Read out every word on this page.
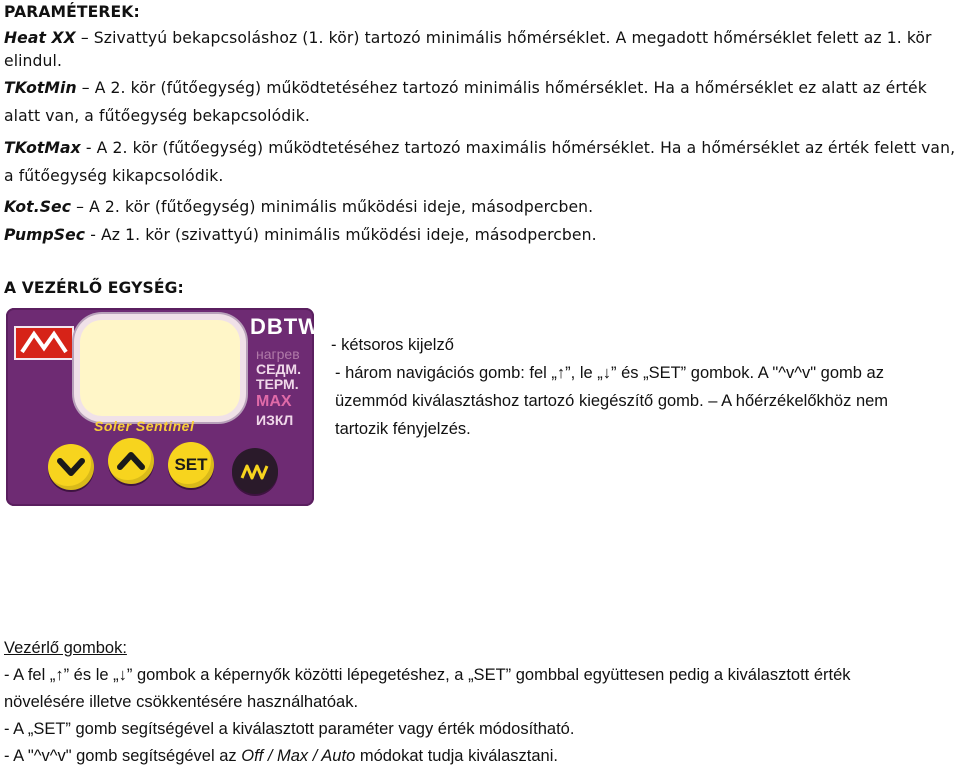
PARAMÉTEREK:
Heat XX – Szivattyú bekapcsoláshoz (1. kör) tartozó minimális hőmérséklet. A megadott hőmérséklet felett az 1. kör
elindul.
TKotMin – A 2. kör (fűtőegység) működtetéséhez tartozó minimális hőmérséklet. Ha a hőmérséklet ez alatt az érték
alatt van, a fűtőegység bekapcsolódik.
TKotMax - A 2. kör (fűtőegység) működtetéséhez tartozó maximális hőmérséklet. Ha a hőmérséklet az érték felett van,
a fűtőegység kikapcsolódik.
Kot.Sec – A 2. kör (fűtőegység) minimális működési ideje, másodpercben.
PumpSec - Az 1. kör (szivattyú) minimális működési ideje, másodpercben.
A VEZÉRLŐ EGYSÉG:
DBTW
нагрев
СЕДМ.
ТЕРМ.
MAX
ИЗКЛ
Soler Sentinel
SET
- kétsoros kijelző
- három navigációs gomb: fel „↑”, le „↓” és „SET” gombok. A "^v^v" gomb az
üzemmód kiválasztáshoz tartozó kiegészítő gomb. – A hőérzékelőkhöz nem
tartozik fényjelzés.
Vezérlő gombok:
- A fel „↑” és le „↓” gombok a képernyők közötti lépegetéshez, a „SET” gombbal együttesen pedig a kiválasztott érték
növelésére illetve csökkentésére használhatóak.
- A „SET” gomb segítségével a kiválasztott paraméter vagy érték módosítható.
- A "^v^v" gomb segítségével az Off / Max / Auto módokat tudja kiválasztani.
